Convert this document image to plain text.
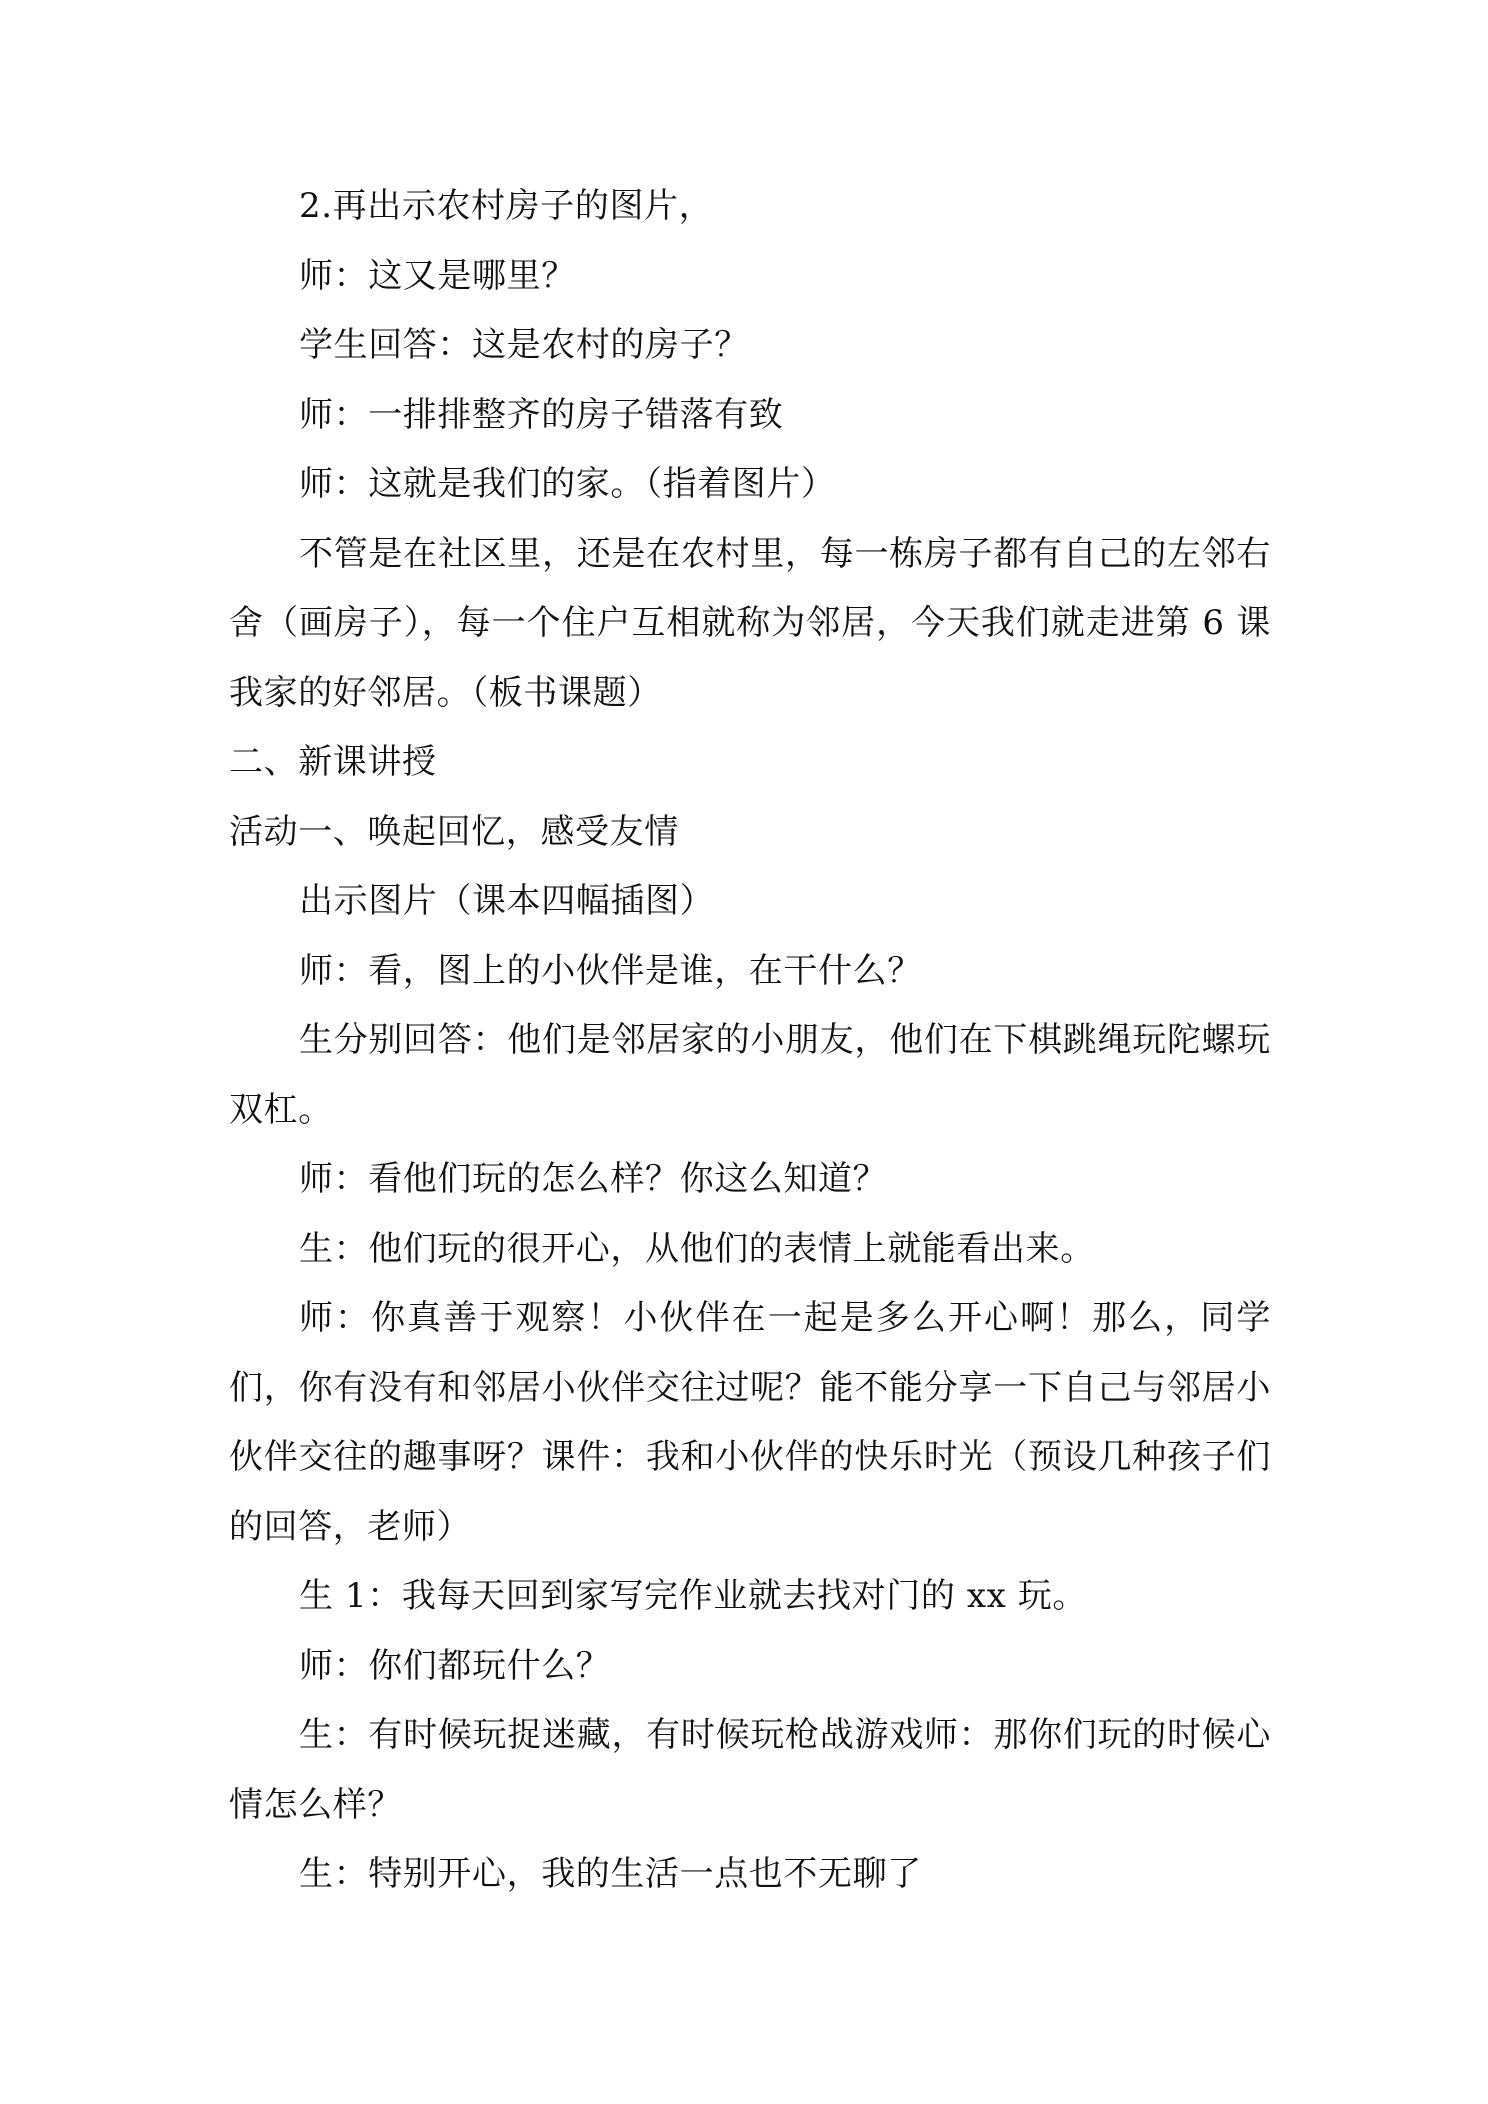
2.再出示农村房子的图片，

师：这又是哪里？

学生回答：这是农村的房子？

师：一排排整齐的房子错落有致

师：这就是我们的家。（指着图片）

不管是在社区里，还是在农村里，每一栋房子都有自己的左邻右舍（画房子），每一个住户互相就称为邻居，今天我们就走进第 6 课我家的好邻居。（板书课题）

二、新课讲授

活动一、唤起回忆，感受友情

出示图片（课本四幅插图）

师：看，图上的小伙伴是谁，在干什么？

生分别回答：他们是邻居家的小朋友，他们在下棋跳绳玩陀螺玩双杠。

师：看他们玩的怎么样？你这么知道？

生：他们玩的很开心，从他们的表情上就能看出来。

师：你真善于观察！小伙伴在一起是多么开心啊！那么，同学们，你有没有和邻居小伙伴交往过呢？能不能分享一下自己与邻居小伙伴交往的趣事呀？课件：我和小伙伴的快乐时光（预设几种孩子们的回答，老师）

生 1：我每天回到家写完作业就去找对门的 xx 玩。

师：你们都玩什么？

生：有时候玩捉迷藏，有时候玩枪战游戏师：那你们玩的时候心情怎么样？

生：特别开心，我的生活一点也不无聊了
